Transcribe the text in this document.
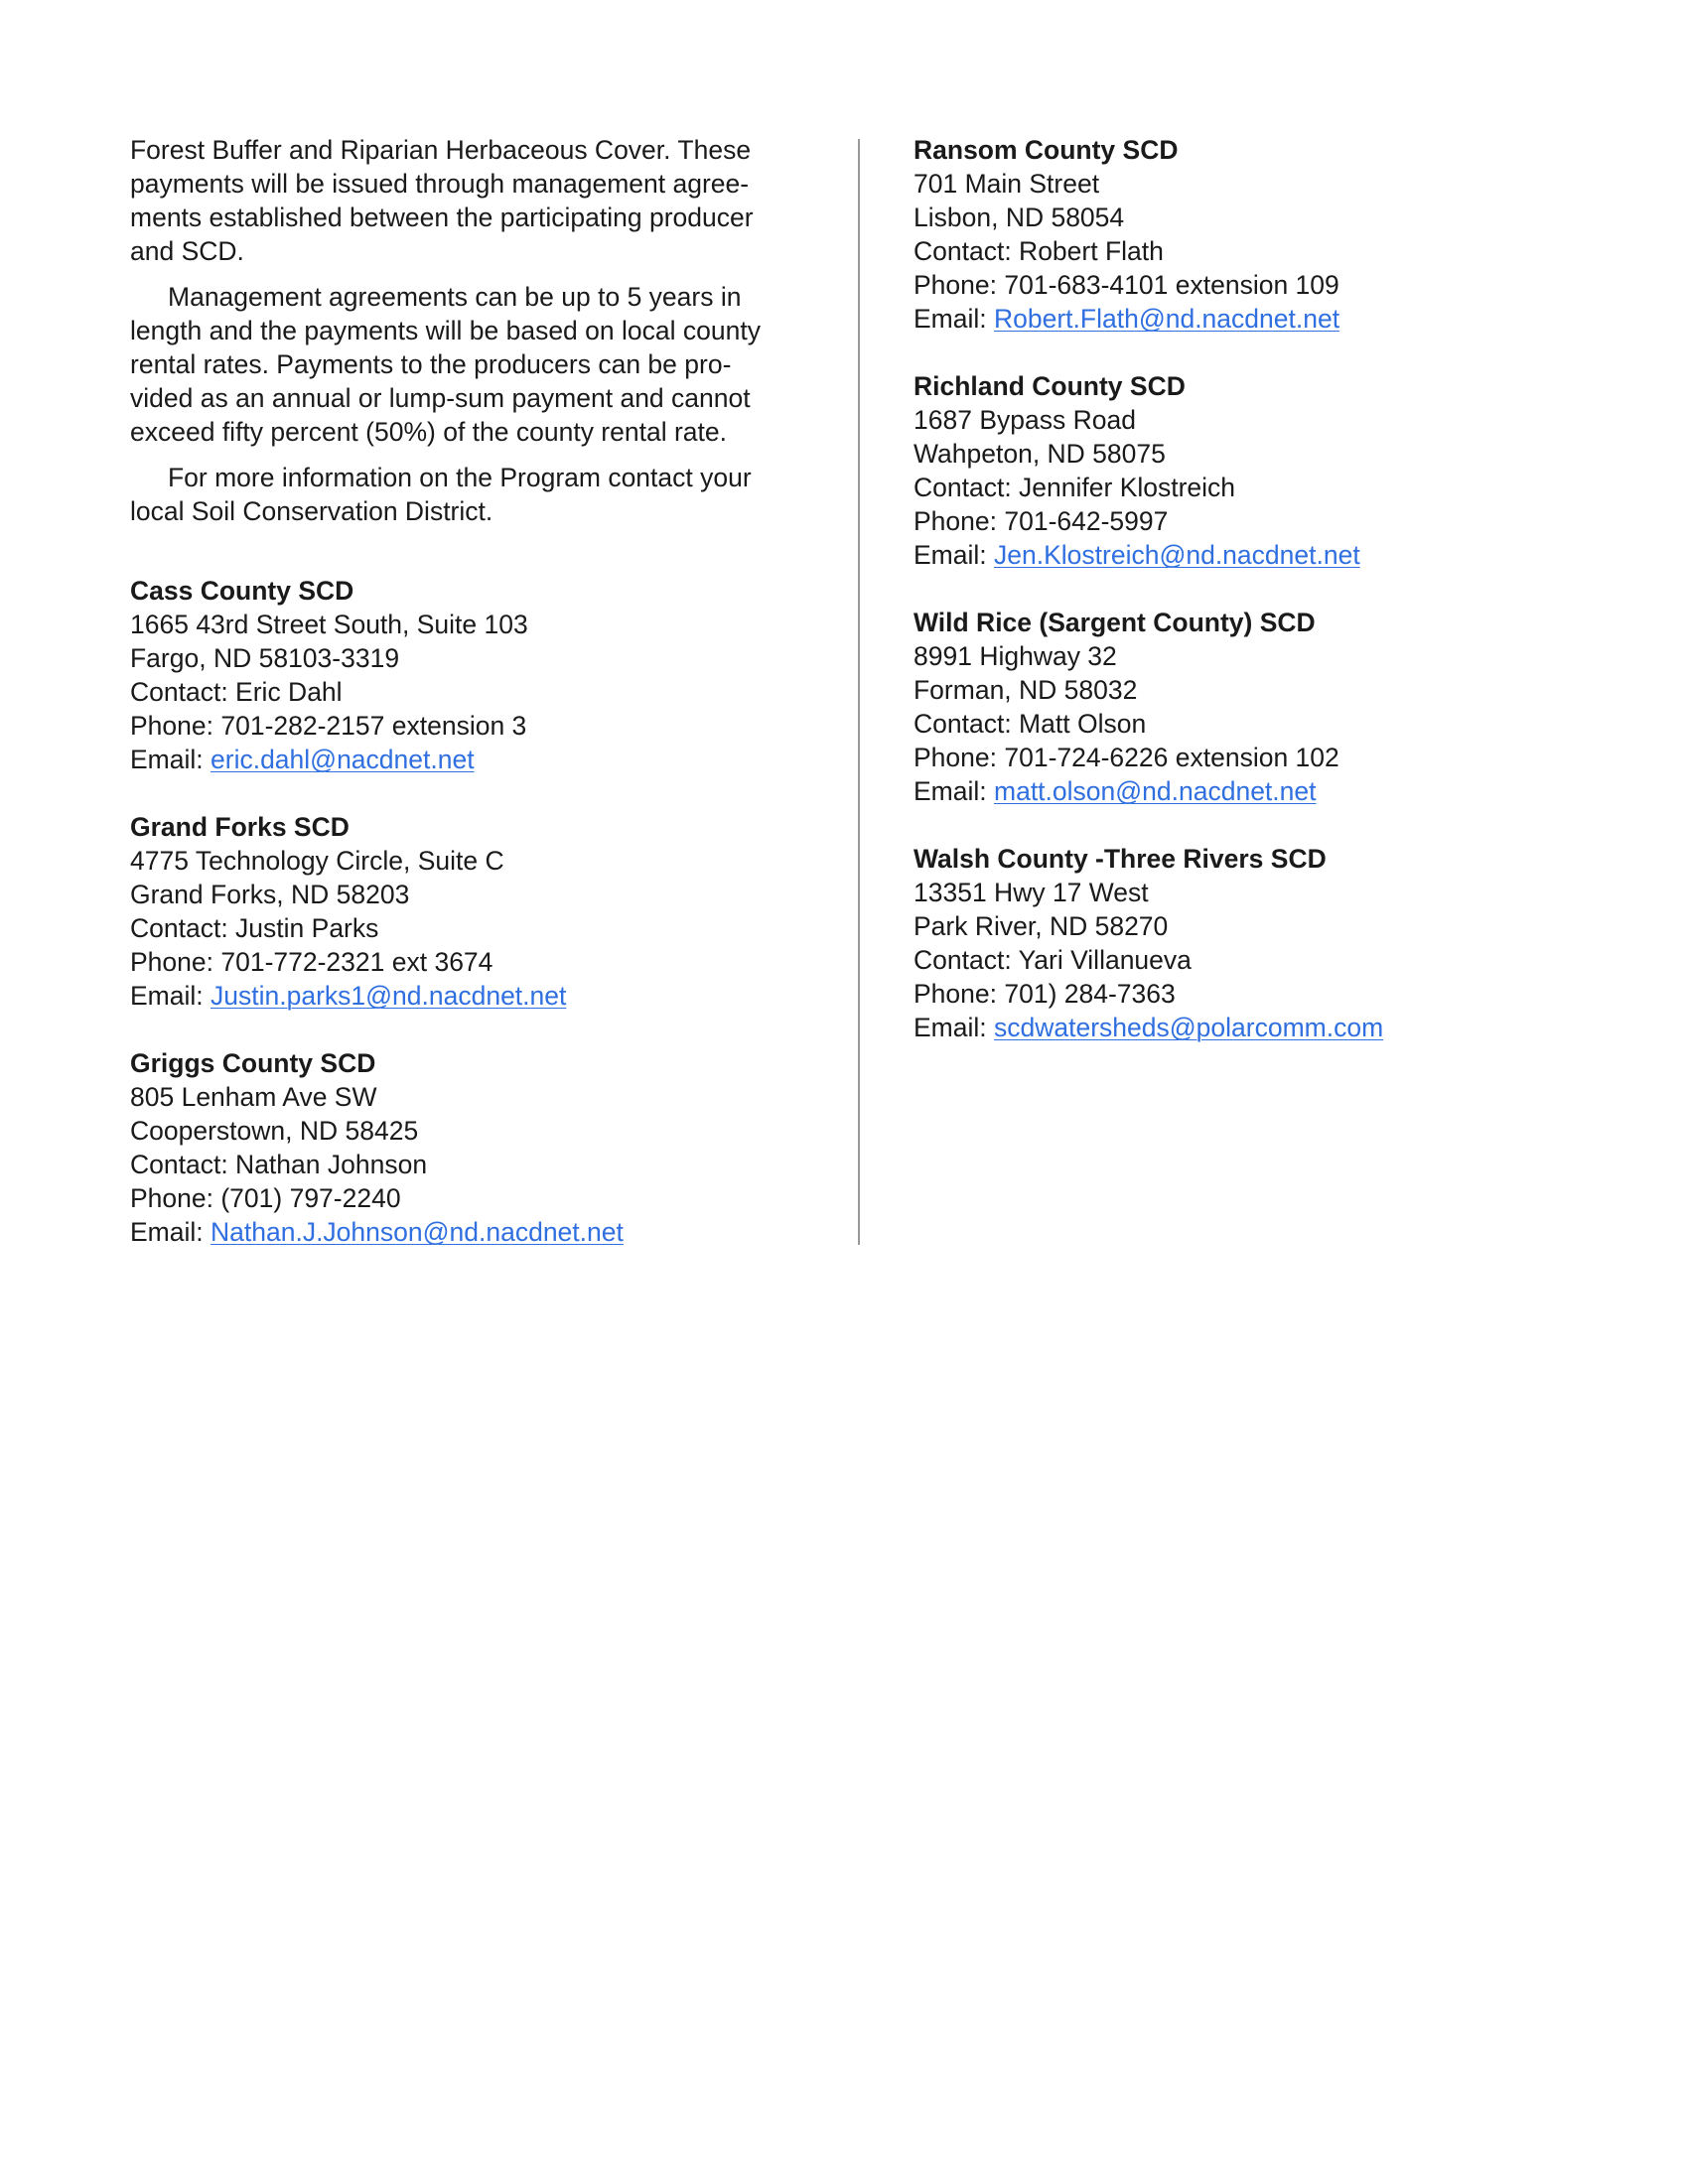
Forest Buffer and Riparian Herbaceous Cover. These payments will be issued through management agree- ments established between the participating producer and SCD.

Management agreements can be up to 5 years in length and the payments will be based on local county rental rates. Payments to the producers can be pro- vided as an annual or lump-sum payment and cannot exceed fifty percent (50%) of the county rental rate.

For more information on the Program contact your local Soil Conservation District.

Cass County SCD
1665 43rd Street South, Suite 103
Fargo, ND 58103-3319
Contact: Eric Dahl
Phone: 701-282-2157 extension 3
Email: eric.dahl@nacdnet.net
Grand Forks SCD
4775 Technology Circle, Suite C
Grand Forks, ND 58203
Contact: Justin Parks
Phone: 701-772-2321 ext 3674
Email: Justin.parks1@nd.nacdnet.net
Griggs County SCD
805 Lenham Ave SW
Cooperstown, ND 58425
Contact: Nathan Johnson
Phone: (701) 797-2240
Email: Nathan.J.Johnson@nd.nacdnet.net
Ransom County SCD
701 Main Street
Lisbon, ND 58054
Contact: Robert Flath
Phone: 701-683-4101 extension 109
Email: Robert.Flath@nd.nacdnet.net
Richland County SCD
1687 Bypass Road
Wahpeton, ND 58075
Contact: Jennifer Klostreich
Phone: 701-642-5997
Email: Jen.Klostreich@nd.nacdnet.net
Wild Rice (Sargent County) SCD
8991 Highway 32
Forman, ND 58032
Contact: Matt Olson
Phone: 701-724-6226 extension 102
Email: matt.olson@nd.nacdnet.net
Walsh County -Three Rivers SCD
13351 Hwy 17 West
Park River, ND 58270
Contact: Yari Villanueva
Phone: 701) 284-7363
Email: scdwatersheds@polarcomm.com
